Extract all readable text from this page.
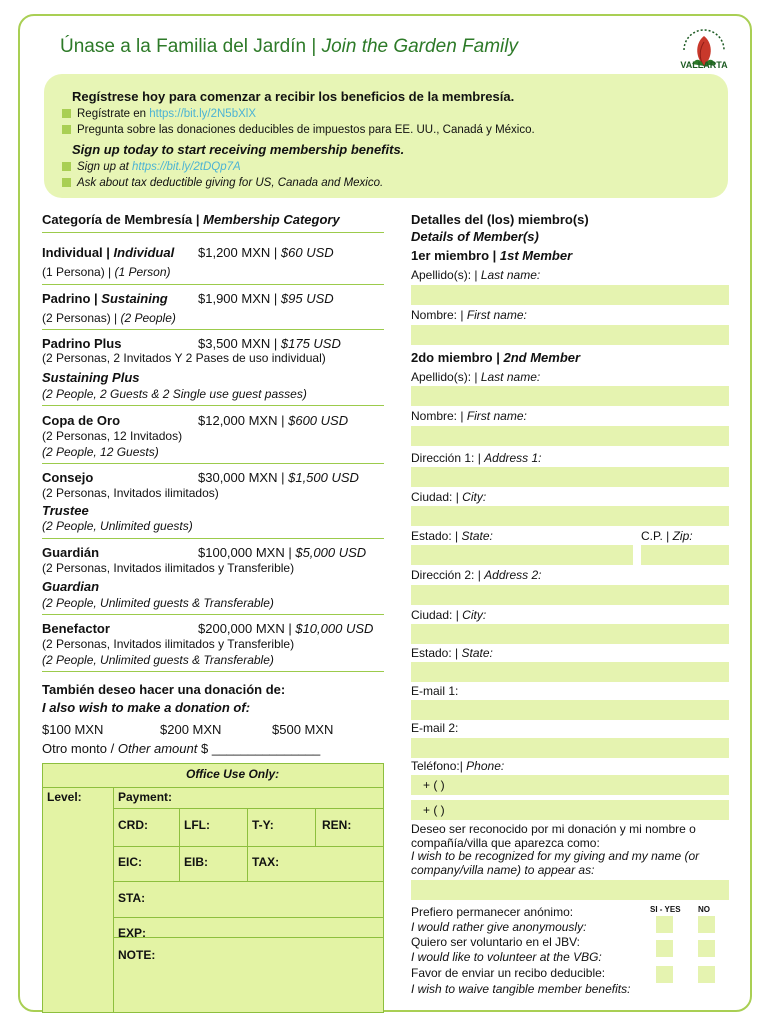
Únase a la Familia del Jardín | Join the Garden Family
VALLARTA
Regístrese hoy para comenzar a recibir los beneficios de la membresía.
Regístrate en https://bit.ly/2N5bXlX
Pregunta sobre las donaciones deducibles de impuestos para EE. UU., Canadá y México.
Sign up today to start receiving membership benefits.
Sign up at https://bit.ly/2tDQp7A
Ask about tax deductible giving for US, Canada and Mexico.
Categoría de Membresía | Membership Category
Individual | Individual $1,200 MXN | $60 USD
(1 Persona) | (1 Person)
Padrino | Sustaining $1,900 MXN | $95 USD
(2 Personas) | (2 People)
Padrino Plus	$3,500 MXN | $175 USD
(2 Personas, 2 Invitados Y 2 Pases de uso individual)
Sustaining Plus
(2 People, 2 Guests & 2 Single use guest passes)
Copa de Oro	$12,000 MXN | $600 USD
(2 Personas, 12 Invitados)
(2 People, 12 Guests)
Consejo	$30,000 MXN | $1,500 USD
(2 Personas, Invitados ilimitados)
Trustee
(2 People, Unlimited guests)
Guardián	$100,000 MXN | $5,000 USD
(2 Personas, Invitados ilimitados y Transferible)
Guardian
(2 People, Unlimited guests & Transferable)
Benefactor	$200,000 MXN | $10,000 USD
(2 Personas, Invitados ilimitados y Transferible)
(2 People, Unlimited guests & Transferable)
También deseo hacer una donación de:
I also wish to make a donation of:
$100 MXN	$200 MXN	$500 MXN
Otro monto / Other amount $ _______________
Office Use Only:
Level:	Payment:
CRD:	LFL:	T-Y:	REN:
EIC:	EIB:	TAX:
STA:
EXP:
NOTE:
Detalles del (los) miembro(s)
Details of Member(s)
1er miembro | 1st Member
Apellido(s): | Last name:
Nombre: | First name:
2do miembro | 2nd Member
Apellido(s): | Last name:
Nombre: | First name:
Dirección 1: | Address 1:
Ciudad: | City:
Estado: | State:	C.P. | Zip:
Dirección 2: | Address 2:
Ciudad: | City:
Estado: | State:
E-mail 1:
E-mail 2:
Teléfono:| Phone:
+ ( )
+ ( )
Deseo ser reconocido por mi donación y mi nombre o compañía/villa que aparezca como:
I wish to be recognized for my giving and my name (or company/villa name) to appear as:
SI - YES NO
Prefiero permanecer anónimo:
I would rather give anonymously:
Quiero ser voluntario en el JBV:
I would like to volunteer at the VBG:
Favor de enviar un recibo deducible:
I wish to waive tangible member benefits:
